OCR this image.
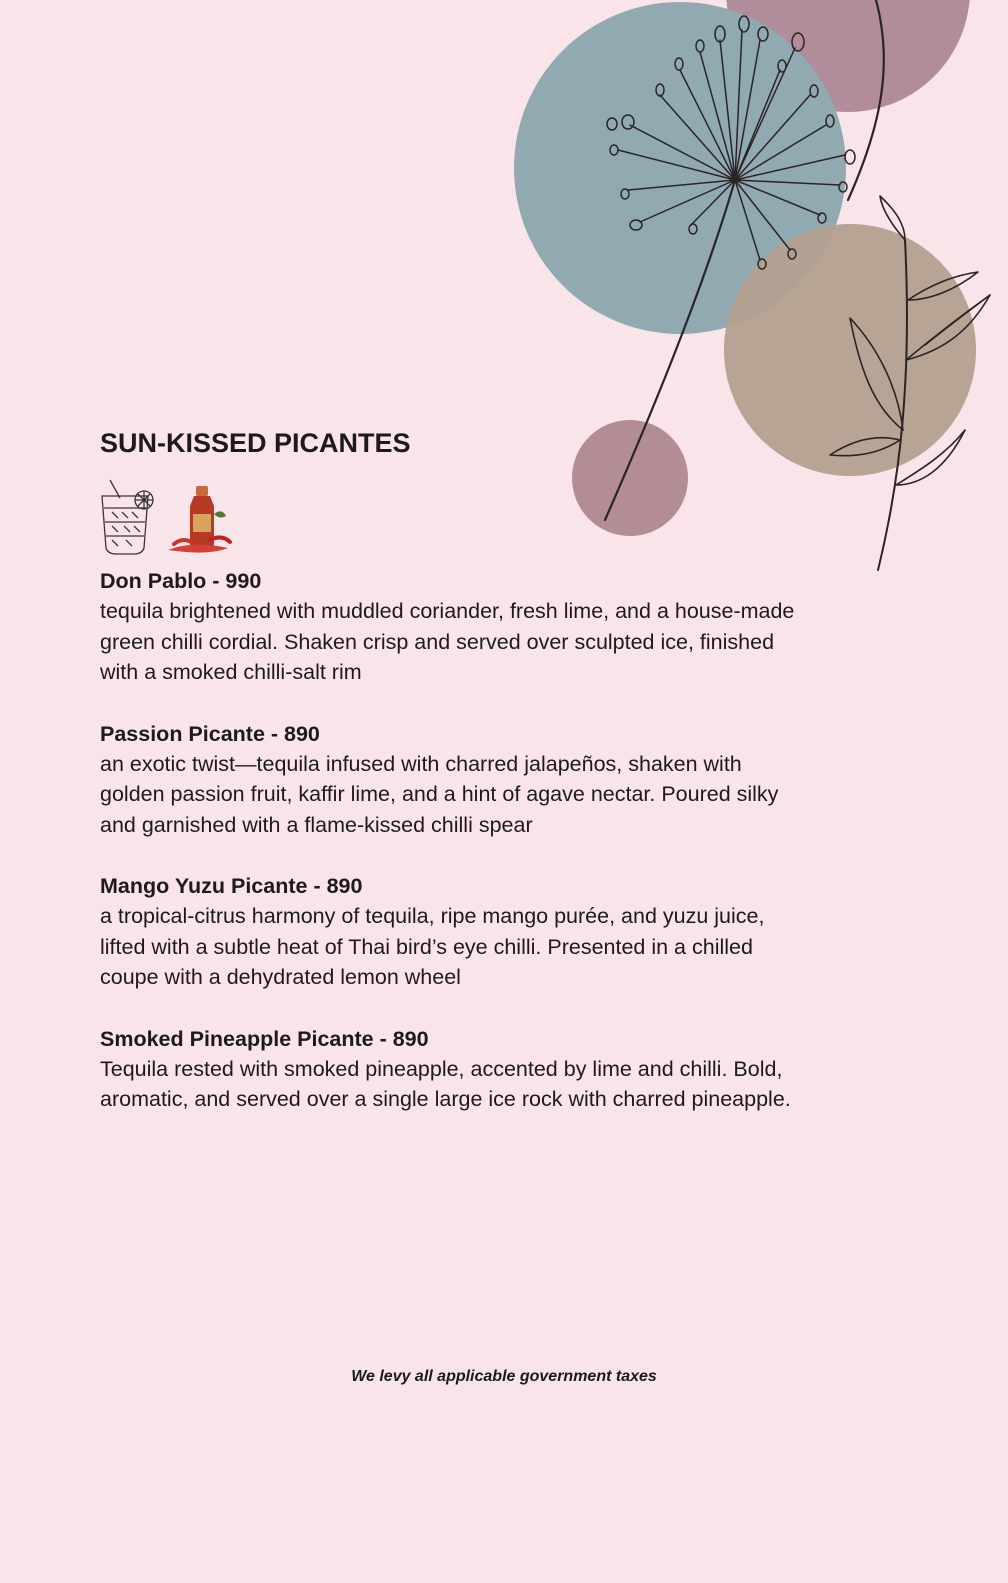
SUN-KISSED PICANTES

Don Pablo - 990

tequila brightened with muddled coriander, fresh lime, and a house-made
green chilli cordial. Shaken crisp and served over sculpted ice, finished
with a smoked chilli-salt rim

Passion Picante - 890

an exotic twist—tequila infused with charred jalapeños, shaken with
golden passion fruit, kaffir lime, and a hint of agave nectar. Poured silky
and garnished with a flame-kissed chilli spear

Mango Yuzu Picante - 890

a tropical-citrus harmony of tequila, ripe mango purée, and yuzu juice,
lifted with a subtle heat of Thai bird’s eye chilli. Presented in a chilled
coupe with a dehydrated lemon wheel

Smoked Pineapple Picante - 890

Tequila rested with smoked pineapple, accented by lime and chilli. Bold,
aromatic, and served over a single large ice rock with charred pineapple.

We levy all applicable government taxes
